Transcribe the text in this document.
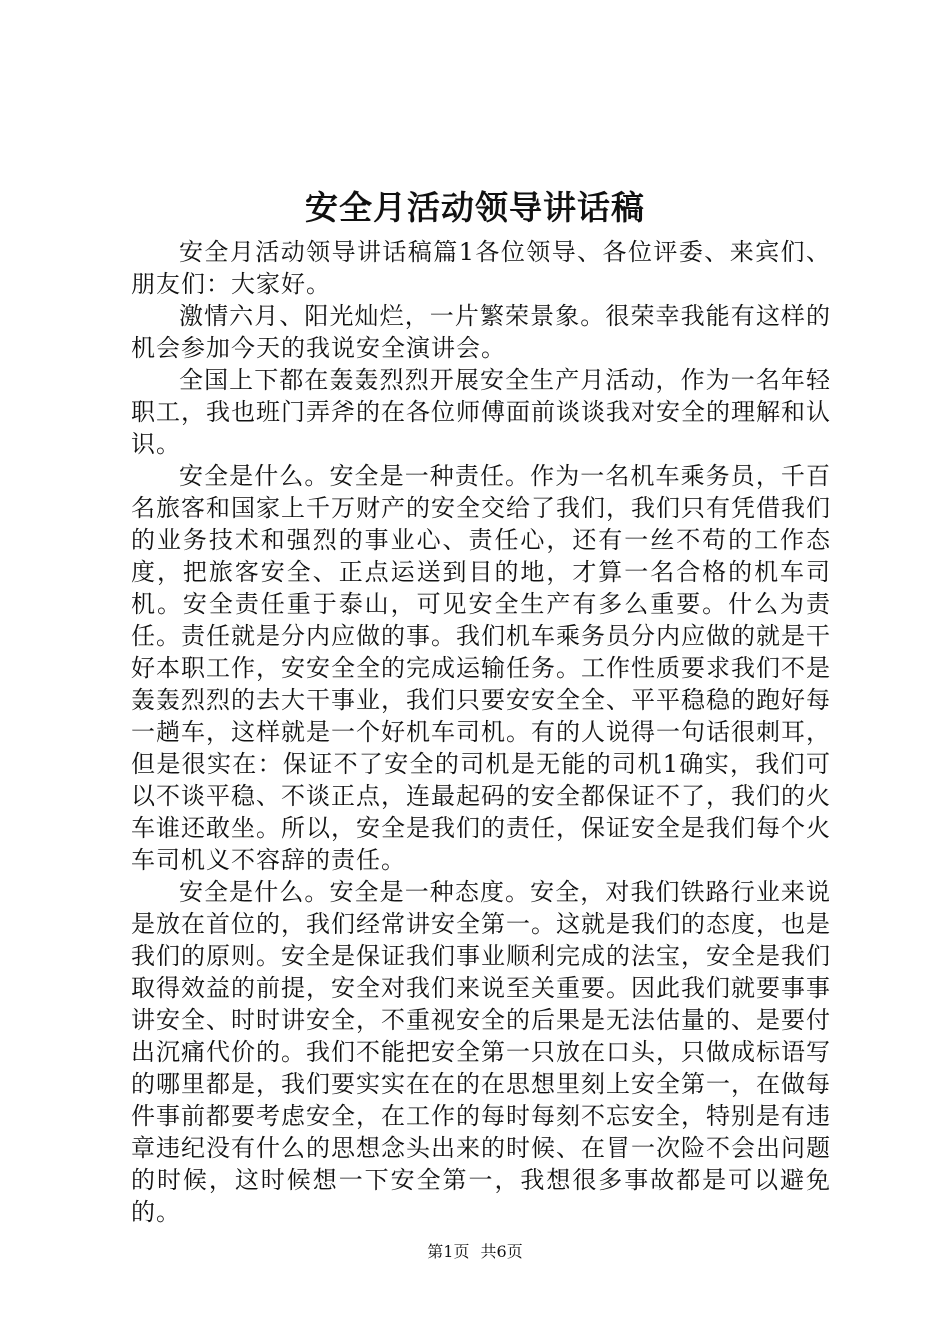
安全月活动领导讲话稿

安全月活动领导讲话稿篇1各位领导、各位评委、来宾们、朋友们：大家好。

激情六月、阳光灿烂，一片繁荣景象。很荣幸我能有这样的机会参加今天的我说安全演讲会。

全国上下都在轰轰烈烈开展安全生产月活动，作为一名年轻职工，我也班门弄斧的在各位师傅面前谈谈我对安全的理解和认识。

安全是什么。安全是一种责任。作为一名机车乘务员，千百名旅客和国家上千万财产的安全交给了我们，我们只有凭借我们的业务技术和强烈的事业心、责任心，还有一丝不苟的工作态度，把旅客安全、正点运送到目的地，才算一名合格的机车司机。安全责任重于泰山，可见安全生产有多么重要。什么为责任。责任就是分内应做的事。我们机车乘务员分内应做的就是干好本职工作，安安全全的完成运输任务。工作性质要求我们不是轰轰烈烈的去大干事业，我们只要安安全全、平平稳稳的跑好每一趟车，这样就是一个好机车司机。有的人说得一句话很刺耳，但是很实在：保证不了安全的司机是无能的司机1确实，我们可以不谈平稳、不谈正点，连最起码的安全都保证不了，我们的火车谁还敢坐。所以，安全是我们的责任，保证安全是我们每个火车司机义不容辞的责任。

安全是什么。安全是一种态度。安全，对我们铁路行业来说是放在首位的，我们经常讲安全第一。这就是我们的态度，也是我们的原则。安全是保证我们事业顺利完成的法宝，安全是我们取得效益的前提，安全对我们来说至关重要。因此我们就要事事讲安全、时时讲安全，不重视安全的后果是无法估量的、是要付出沉痛代价的。我们不能把安全第一只放在口头，只做成标语写的哪里都是，我们要实实在在的在思想里刻上安全第一，在做每件事前都要考虑安全，在工作的每时每刻不忘安全，特别是有违章违纪没有什么的思想念头出来的时候、在冒一次险不会出问题的时候，这时候想一下安全第一，我想很多事故都是可以避免的。

第1页 共6页
